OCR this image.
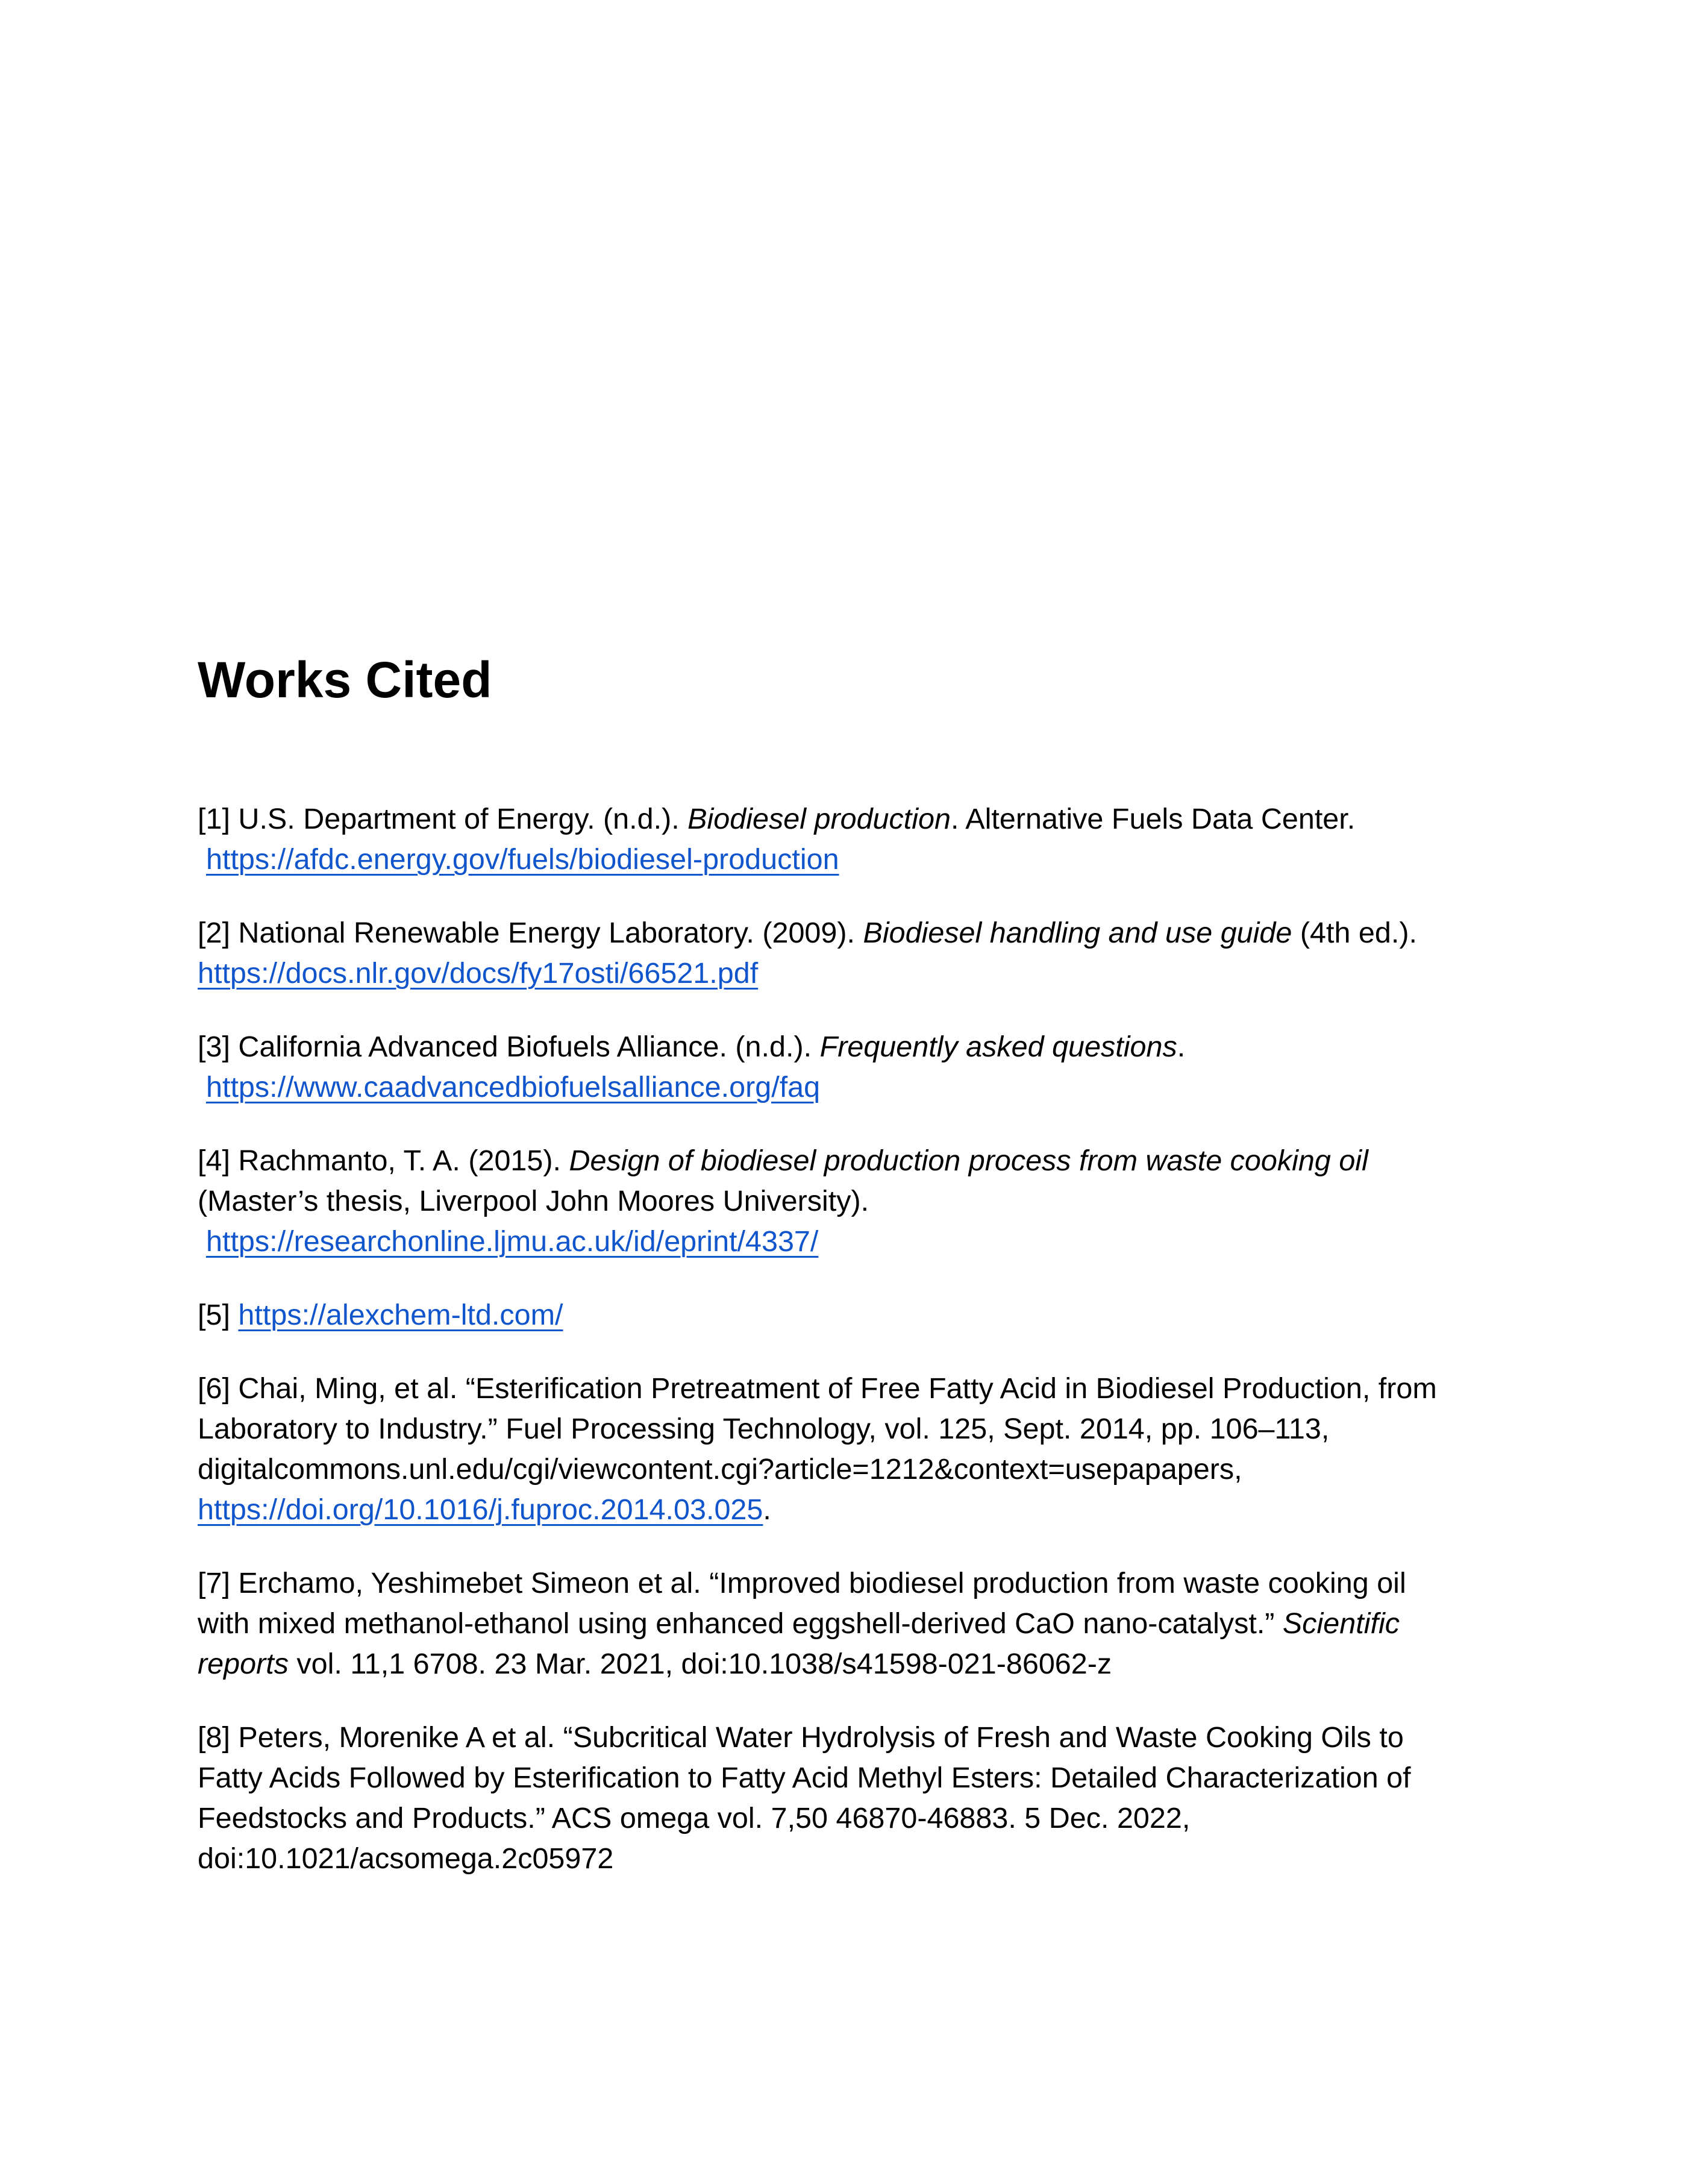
Works Cited

[1] U.S. Department of Energy. (n.d.). Biodiesel production. Alternative Fuels Data Center.
https://afdc.energy.gov/fuels/biodiesel-production

[2] National Renewable Energy Laboratory. (2009). Biodiesel handling and use guide (4th ed.).
https://docs.nlr.gov/docs/fy17osti/66521.pdf

[3] California Advanced Biofuels Alliance. (n.d.). Frequently asked questions.
https://www.caadvancedbiofuelsalliance.org/faq

[4] Rachmanto, T. A. (2015). Design of biodiesel production process from waste cooking oil
(Master’s thesis, Liverpool John Moores University).
https://researchonline.ljmu.ac.uk/id/eprint/4337/

[5] https://alexchem-ltd.com/

[6] Chai, Ming, et al. “Esterification Pretreatment of Free Fatty Acid in Biodiesel Production, from
Laboratory to Industry.” Fuel Processing Technology, vol. 125, Sept. 2014, pp. 106–113,
digitalcommons.unl.edu/cgi/viewcontent.cgi?article=1212&context=usepapapers,
https://doi.org/10.1016/j.fuproc.2014.03.025.

[7] Erchamo, Yeshimebet Simeon et al. “Improved biodiesel production from waste cooking oil
with mixed methanol-ethanol using enhanced eggshell-derived CaO nano-catalyst.” Scientific
reports vol. 11,1 6708. 23 Mar. 2021, doi:10.1038/s41598-021-86062-z

[8] Peters, Morenike A et al. “Subcritical Water Hydrolysis of Fresh and Waste Cooking Oils to
Fatty Acids Followed by Esterification to Fatty Acid Methyl Esters: Detailed Characterization of
Feedstocks and Products.” ACS omega vol. 7,50 46870-46883. 5 Dec. 2022,
doi:10.1021/acsomega.2c05972
